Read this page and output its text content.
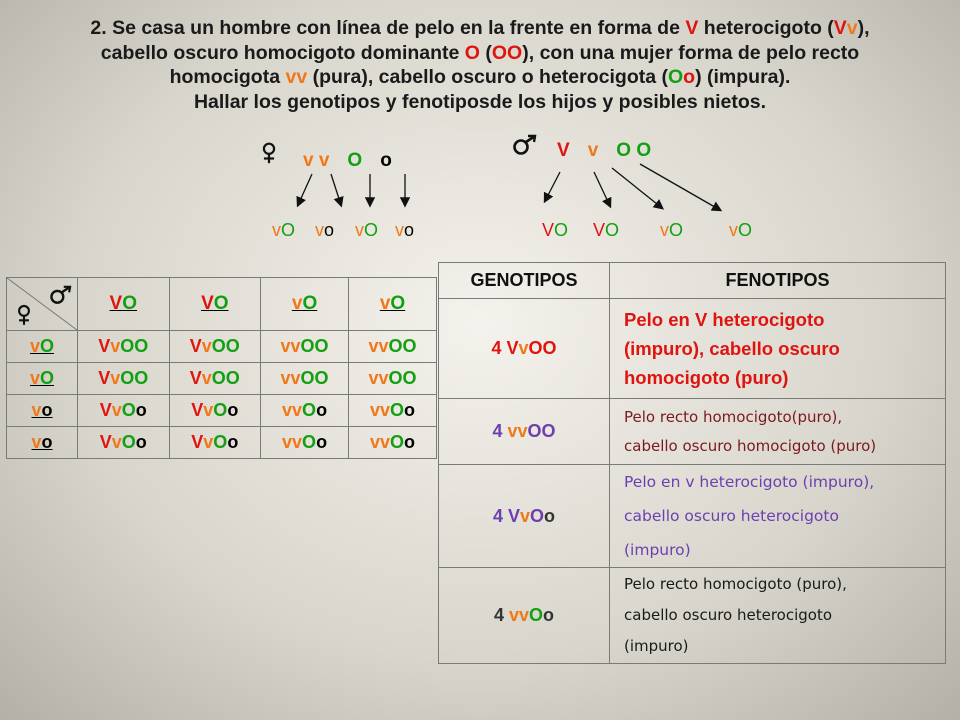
2. Se casa un hombre con línea de pelo en la frente en forma de V heterocigoto (Vv),

cabello oscuro homocigoto dominante O (OO), con una mujer forma de pelo recto

homocigota vv (pura), cabello oscuro o heterocigota (Oo) (impura).

Hallar los genotipos y fenotiposde los hijos y posibles nietos.

v v O o	V v O O
vO vo vO vo	VO VO vO	vO
	VO	VO	vO	vO
vO	VvOO	VvOO	vvOO	vvOO
vO	VvOO	VvOO	vvOO	vvOO
vo	VvOo	VvOo	vvOo	vvOo
vo	VvOo	VvOo	vvOo	vvOo
GENOTIPOS	FENOTIPOS
4 VvOO	Pelo en V heterocigoto
(impuro), cabello oscuro
homocigoto (puro)

4 vvOO	Pelo recto homocigoto(puro),
cabello oscuro homocigoto (puro)

4 VvOo	Pelo en v heterocigoto (impuro),
cabello oscuro heterocigoto
(impuro)

4 vvOo	Pelo recto homocigoto (puro),
cabello oscuro heterocigoto
(impuro)
